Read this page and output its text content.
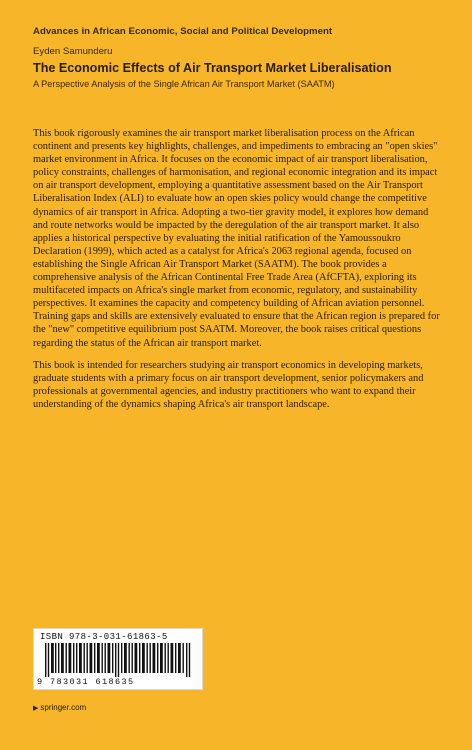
Advances in African Economic, Social and Political Development
Eyden Samunderu
The Economic Effects of Air Transport Market Liberalisation
A Perspective Analysis of the Single African Air Transport Market (SAATM)

This book rigorously examines the air transport market liberalisation process on the African continent and presents key highlights, challenges, and impediments to embracing an "open skies" market environment in Africa. It focuses on the economic impact of air transport liberalisation, policy constraints, challenges of harmonisation, and regional economic integration and its impact on air transport development, employing a quantitative assessment based on the Air Transport Liberalisation Index (ALI) to evaluate how an open skies policy would change the competitive dynamics of air transport in Africa. Adopting a two-tier gravity model, it explores how demand and route networks would be impacted by the deregulation of the air transport market. It also applies a historical perspective by evaluating the initial ratification of the Yamoussoukro Declaration (1999), which acted as a catalyst for Africa's 2063 regional agenda, focused on establishing the Single African Air Transport Market (SAATM). The book provides a comprehensive analysis of the African Continental Free Trade Area (AfCFTA), exploring its multifaceted impacts on Africa's single market from economic, regulatory, and sustainability perspectives. It examines the capacity and competency building of African aviation personnel. Training gaps and skills are extensively evaluated to ensure that the African region is prepared for the "new" competitive equilibrium post SAATM. Moreover, the book raises critical questions regarding the status of the African air transport market.

This book is intended for researchers studying air transport economics in developing markets, graduate students with a primary focus on air transport development, senior policymakers and professionals at governmental agencies, and industry practitioners who want to expand their understanding of the dynamics shaping Africa's air transport landscape.

ISBN 978-3-031-61863-5
9 783031 618635
▶ springer.com
